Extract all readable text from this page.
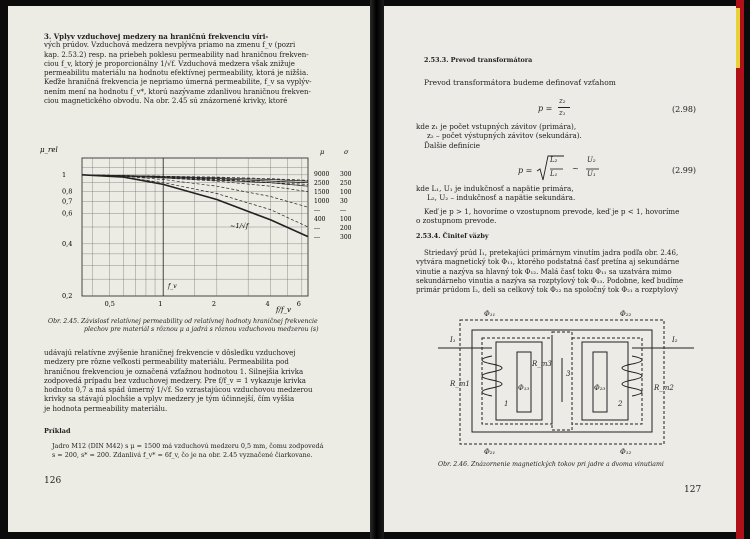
3. Vplyv vzduchovej medzery na hraničnú frekvenciu víri-
vých prúdov. Vzduchová medzera nevplýva priamo na zmenu f_v (pozri
kap. 2.53.2) resp. na priebeh poklesu permeability nad hraničnou frekven-
ciou f_v, ktorý je proporcionálny 1/√f. Vzduchová medzera však znižuje
permeabilitu materiálu na hodnotu efektívnej permeability, ktorá je nižšia.
Keďže hraničná frekvencia je nepriamo úmerná permeabilite, f_v sa vyplýv-
nením mení na hodnotu f_v*, ktorú nazývame zdanlivou hraničnou frekven-
ciou magnetického obvodu. Na obr. 2.45 sú znázornené krivky, ktoré
0,5	1	2	4	6
1
0,8
0,7
0,6
0,4
0,2
μ_rel
f/f_v
~1/√f
f_v
μ	σ
9000 300
2500 250
1500 100
1000 30
---	---
400 100
---	200
---	300
Obr. 2.45. Závislosť relatívnej permeability od relatívnej hodnoty hraničnej frekvencie
plechov pre materiál s rôznou μ a jadrá s rôznou vzduchovou medzerou (s)
udávajú relatívne zvýšenie hraničnej frekvencie v dôsledku vzduchovej
medzery pre rôzne veľkosti permeability materiálu. Permeabilita pod
hraničnou frekvenciou je označená vzťažnou hodnotou 1. Silnejšia krivka
zodpovedá prípadu bez vzduchovej medzery. Pre f/f_v = 1 vykazuje krivka
hodnotu 0,7 a má spád úmerný 1/√f. So vzrastajúcou vzduchovou medzerou
krivky sa stávajú plochšie a vplyv medzery je tým účinnejší, čím vyššia
je hodnota permeability materiálu.
Príklad
Jadro M12 (DIN M42) s μ = 1500 má vzduchovú medzeru 0,5 mm, čomu zodpovedá
s = 200, s* = 200. Zdanlivá f_v* = 6f_v, čo je na obr. 2.45 vyznačené čiarkovane.
126
2.53.3. Prevod transformátora
Prevod transformátora budeme definovať vzťahom
p =
z₂
z₁	(2.98)
kde z₁ je počet vstupných závitov (primára),
z₂ – počet výstupných závitov (sekundára).
Ďalšie definície
p =
L₂
L₁
~
U₂
U₁	(2.99)
kde L₁, U₁ je indukčnosť a napätie primára,
L₂, U₂ – indukčnosť a napätie sekundára.
Keď je p > 1, hovoríme o vzostupnom prevode, keď je p < 1, hovoríme
o zostupnom prevode.
2.53.4. Činiteľ väzby
Striedavý prúd I₁, pretekajúci primárnym vinutím jadra podľa obr. 2.46,
vytvára magnetický tok Φ₁₁, ktorého podstatná časť pretína aj sekundárne
vinutie a nazýva sa hlavný tok Φ₁₂. Malá časť toku Φ₁₁ sa uzatvára mimo
sekundárneho vinutia a nazýva sa rozptylový tok Φ₁₃. Podobne, keď budíme
primár prúdom I₂, deli sa celkový tok Φ₂₂ na spoločný tok Φ₂₁ a rozptylový
Φ₁₁	Φ₂₂
Φ₂₁	Φ₁₂
Φ₁₃	Φ₂₃
R_m1	R_m2
R_m3
I₁	I₂
1	2
3
Obr. 2.46. Znázornenie magnetických tokov pri jadre a dvoma vinutiami
127
